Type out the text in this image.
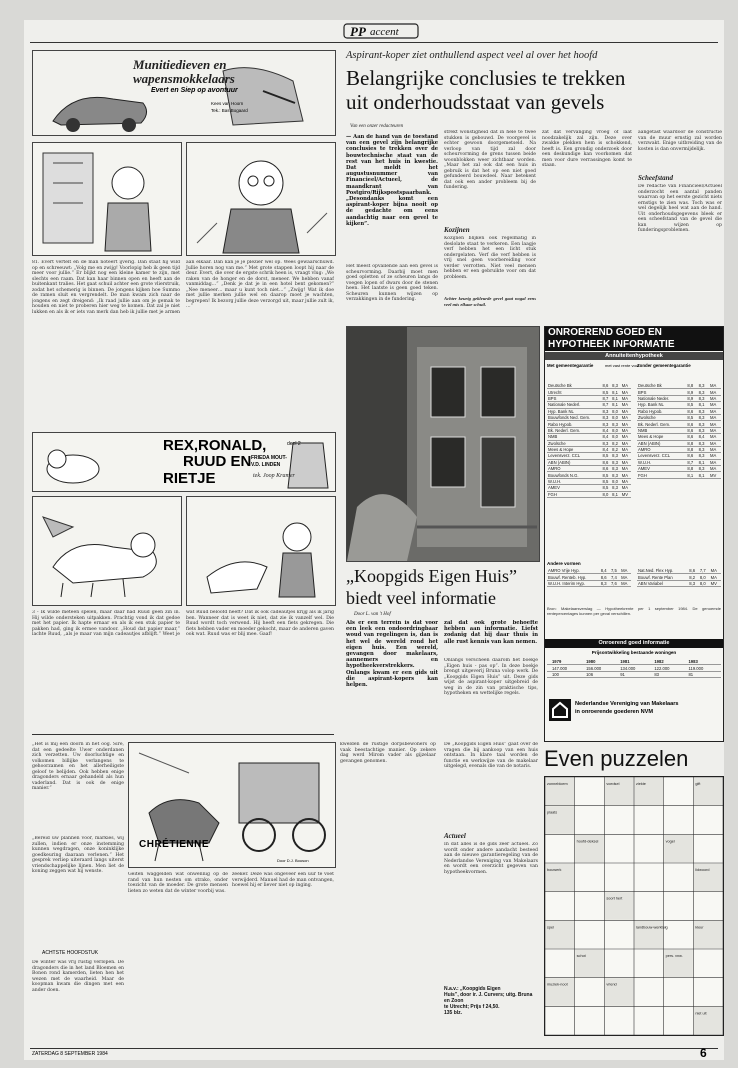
PP accent
Munitiedieven en
wapensmokkelaars
Evert en Siep op avontuur
Kees van Hoorn
Tek.: Bas Bogaard
81. Evert vertelt en de man noteert ijverig. Dan staat hij wild op en schreeuwt: „Volg me en zwijg! Voorlopig heb ik geen tijd meer voor jullie.” Er blijkt nog een kleine kamer te zijn, met slechts een raam. Dat kan haar binnen open en heeft aan de buitenkant tralies. Het gaat schuil achter een grote vlierstruik, zodat het schemerig is binnen. De jongens kijken hoe Summo de ramen sluit en vergrendelt. De man kwam zich naar de jongens en zegt dreigend: „Ik raad jullie aan om je gemak te houden en niet te proberen hier weg te komen. Dat zal je niet lukken en als ik er iets van merk dan heb ik jullie met je armen aan elkaar. Dan kan je je plezier wel op. Wees gewaarschuwd. Jullie horen nog van me.” Met grote stappen loopt hij naar de deur. Evert, die over de ergste schrik heen is, vraagt vlug: „We raken van de honger en de dorst, meneer. We hebben vanaf vanmiddag…” „Denk je dat je in een hotel bent gekomen?” „Nee meneer… maar u kunt toch niet…” „Zwijg! Wat ik doe met jullie merken jullie wel en daarop moet je wachten, begrepen! Ik bezorg jullie deze verzorgd uit, maar jullie zult ik, …”
REX,RONALD,
RUUD EN
RIETJE
deel 2
FRIEDA MOUT-
V.D. LINDEN
tek. Joop Kramer
3 - Ik wilde meteen spelen, maar daar had Ruud geen zin in. Hij wilde ondersteken uitpakken. Prachtig vond ik dat gedoe met het papier. Ik hapte ernaar en als ik een stuk papier te pakken had, ging ik ermee vandoor. „Houd dat papier maar,” lachte Ruud, „als je maar van mijn cadeautjes afblijft.” Weet je wat Ruud beloofd heeft? Dat ik ook cadeautjes krijg als ik jarig ben. Wanneer dat is weet ik niet, dat zie ik vanzelf wel. Die Ruud wordt toch verwend. Hij heeft een fiets gekregen. Die fiets hebben vader en moeder gekocht, maar de anderen gaven ook wat. Ruud was er blij mee. Gaaf!
„Het is mij een doorn in het oog. Sire, dat een gedeelte Uwer onderdanen zich verzetten. Uw doorluchtige en volkomen billijke verlangens te gehoorzamen en het allerheiligste geloof te belijden. Ook hebben enige dragonders ernaar gehandeld als hun vaderland. Dat is ook de enige manier.”
CHRÉTIENNE
Door D.J. Bouson
„Bereid uw plannen voor, markies, wij zullen, indien er onze instemming kunnen wegdragen, onze koninklijke goedkeuring daaraan verlenen.” Het gesprek verliep uiteraard langs uiterst vriendschappelijke lijnen. Men liet de koning zeggen wat hij wenste.
ACHTSTE HOOFDSTUK
De winter was vrij rustig verlopen. De dragonders die in het land Bloemen en Bonen rond kamerden, lieten hen het wezen met de waarheid. Maar de koopman kwam die dingen met een ander doen.
Geiten waggelden wat onwennig op de rand van hun nesten om strako, onder toezicht van de moeder. De grote mensen lieten zo weten dat de winter voorbij was.
zeeker. Deze was ongeveer een uur te voet verwijderd. Manuel had de man ontvangen, hoewel hij er liever niet op inging.
kwelden de rustige dorpsbewoners op vaak beestachtige manier. Op zekere dag werd Mirom vader als gijzelaar gevangen genomen.
Aspirant-koper ziet onthullend aspect veel al over het hoofd
Belangrijke conclusies te trekken
uit onderhoudsstaat van gevels
Van een onzer redacteuren
— Aan de hand van de toestand van een gevel zijn belangrijke conclusies te trekken over de bouwtechnische staat van de rest van het huis in kwestie. Dat meldt het augustusnummer van Financieel/Actueel, de maandkrant van Postgiro/Rijkspostspaarbank. „Desondanks komt een aspirant-koper bijna nooit op de gedachte om eens aandachtig naar een gevel te kijken”.
Het meest opvallende aan een gevel is scheurvorming. Daarbij moet men goed opletten of ze scheuren langs de voegen lopen of dwars door de stenen heen. Het laatste is geen goed teken. Scheuren kunnen wijzen op verzakkingen in de fundering.
strekt wonstigheid dat in hele te twee stukken is gebouwd. De voorgevel is echter gewoon doorgemetseld. Na verloop van tijd zal door scheurvorming de grens tussen beide woonblokken weer zichtbaar worden. „Maar het zal ook dat een huis in gebruik is dat het op een niet goed gefundeerd bouwdeel. Naar betekent dat ook een ander probleem bij de fundering.
Kozijnen
Kozijnen blijken ook regelmatig in deslolate staat te verkeren. Een laagje verf hebben het een licht stuk ondergelaten. Verf die verf hebben is vrij snel geen voorbereiding voor verder verrotten. Niet veel mensen hebben er een gebruikte voor om dat probleem.
Achter keurig gekleurde gevel gaat nogal eens veel mis elkaar schuil.
zat dat vervanging vroeg of laat noodzakelijk zal zijn. Deze over zwakke plekken hem is schokkend, heeft is. Een grondig onderzoek door een deskundige kan voorkomen dat men voor dure verrassingen komt te staan.
aangetast waardoor de constructie van de muur ernstig zal worden verzwakt. Enige uitbreiding van de kosten is dan onvermijdelijk.
Scheefstand
De redactie van Financieel/Actueel onderzocht een aantal panden waarvan op het eerste gezicht niets ernstigs te zien was. Toch was er wel degelijk heel wat aan de hand. Uit onderhoudsgegevens bleek er een scheefstand van de gevel die kan wijzen op funderingsproblemen.
„Koopgids Eigen Huis”
biedt veel informatie
Door L. van 't Hof
Als er een terrein is dat voor een leek een ondoordringbaar woud van regelingen is, dan is het wel de wereld rond het eigen huis. Een wereld, gevangen door makelaars, aannemers en hypotheekverstrekkers. Onlangs kwam er een gids uit die aspirant-kopers kan helpen.
zal dat ook grote behoefte hebben aan informatie. Liefst zodanig dat hij daar thuis in alle rust kennis van kan nemen.
Onlangs verscheen daarom het boekje „Eigen huis - pas op”. In deze boekje brengt uitgeverij Bruna volop werk. De „Koopgids Eigen Huis” uit. Deze gids wijst de aspirant-koper uitgebreid de weg in de zin van praktische tips, hypotheken en wettelijke regels.
De „Koopgids Eigen Huis” gaat over de vragen die bij aankoop van een huis ontstaan. In klare taal worden de functie en werkwijze van de makelaar uitgelegd, evenals die van de notaris.
Actueel
In dat alles is de gids zeer actueel. Zo wordt onder andere aandacht besteed aan de nieuwe garantieregeling van de Nederlandse Vereniging van Makelaars en wordt een overzicht gegeven van hypotheekvormen.
N.a.v.: „Koopgids Eigen
Huis”, door ir. J. Curvers; uitg. Bruna en Zoon
te Utrecht; Prijs f 24,50.
135 blz.
ONROEREND GOED EN
HYPOTHEEK INFORMATIE
Annuiteitenhypotheek
Met gemeentegarantie	met vast rente voor
Zonder gemeentegarantie
Deutsche Bk	8,6	8,3	MA
Utrecht	8,5	8,1	MA
BPS	8,7	8,1	MA
Nationale Nederl.	8,7	8,1	MA
Hyp. Bank NL	8,3	8,0	MA
Bouwfonds Ned. Gem.	8,3	8,0	MA
Rabo Hypob.	8,3	8,3	MA
Bk. Nederl. Gem.	8,4	8,0	MA
NMB	8,4	8,0	MA
Zwolsche	8,3	8,2	MA
Mees & Hope	8,4	8,2	MA
Levensverz. CCL	8,5	8,3	MA
ABN (ABIN)	8,6	8,3	MA
AMRO	8,6	8,3	MA
Bouwfonds N.G.	8,5	8,3	MA
W.U.H.	8,5	8,0	MA
AMEV	8,5	8,3	MA
FGH	8,0	8,1	MV
Deutsche Bk	8,8	8,3	MA
BPS	8,9	8,3	MA
Nationale Neder.	8,9	8,3	MA
Hyp. Bank NL	8,5	8,1	MA
Rabo Hypob.	8,6	8,3	MA
Zwolsche	8,5	8,3	MA
Bk. Nederl. Gem.	8,6	8,3	MA
NMB	8,6	8,3	MA
Mees & Hope	8,6	8,4	MA
ABN (ABIN)	8,8	8,3	MA
AMRO	8,8	8,3	MA
Levensverz. CCL	8,6	8,3	MA
W.U.H.	8,7	8,1	MA
AMEV	8,8	8,3	MA
FGH	8,1	8,1	MV
Andere vormen
AMRO Vrije Hyp.	8,4	7,5	MA
Bouwf. Renteb. Hyp.	8,6	7,4	MA
W.U.H. Interim Hyp.	8,3	7,6	MA
Nat.Ned. Flex Hyp.	8,6	7,7	MA
Bouwf. Rente Plan	8,2	8,0	MA
ABN Variabel	8,3	8,0	MV
Bron: Makelaarsverslag — Hypotheekrente per 1 september 1984. De genoemde rentepercentages kunnen per geval verschillen.
Onroerend goed informatie
Prijsontwikkeling bestaande woningen
	1979	1980	1981	1982	1983
	147.000	156.000	134.000	122.000	119.000
	100	106	91	83	81
Nederlandse Vereniging van Makelaars
in onroerende goederen NVM
Even puzzelen
zonnebloem	voedsel	ziekte	gift
plaats
hoofd-deksel	vogel
bouwerk	lidwoord
soort hert
spel	landbouw-werktuig	kleur
schot	pers. vnw.
muziek-noot	vriend
niet uit
ZATERDAG 8 SEPTEMBER 1984	6
